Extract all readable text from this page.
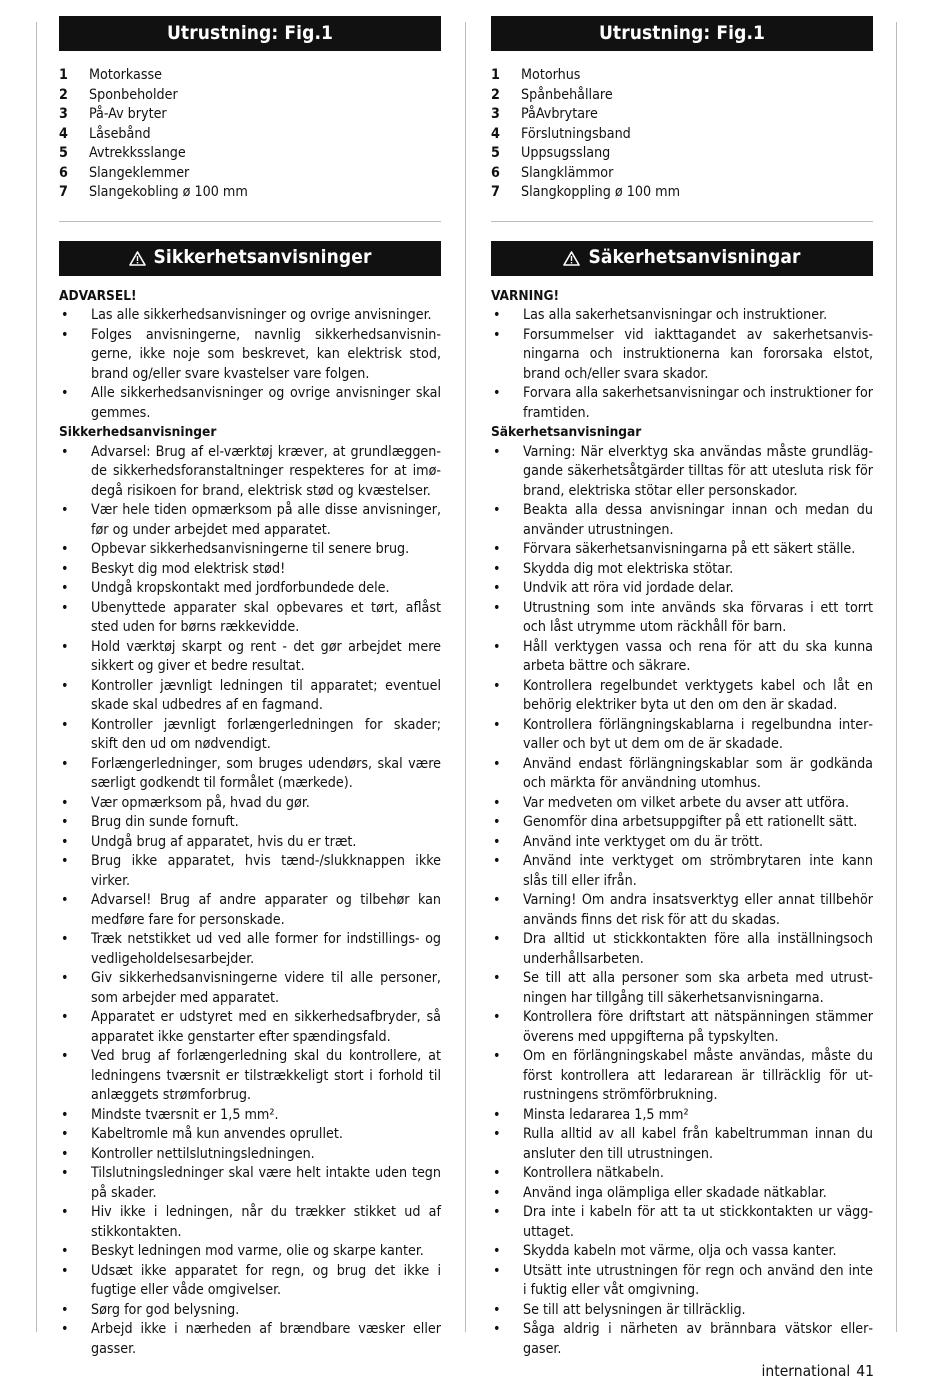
Utrustning: Fig.1
1	Motorkasse
2	Sponbeholder
3	På-Av bryter
4	Låsebånd
5	Avtrekksslange
6	Slangeklemmer
7	Slangekobling ø 100 mm
Sikkerhetsanvisninger
ADVARSEL!
• Las alle sikkerhedsanvisninger og ovrige anvisninger.
• Folges anvisningerne, navnlig sikkerhedsanvisningerne, ikke noje som beskrevet, kan elektrisk stod, brand og/eller svare kvastelser vare folgen.
• Alle sikkerhedsanvisninger og ovrige anvisninger skal gemmes.
Sikkerhedsanvisninger
• Advarsel: Brug af el-værktøj kræver, at grundlæggende sikkerhedsforanstaltninger respekteres for at imødegå risikoen for brand, elektrisk stød og kvæstelser.
• Vær hele tiden opmærksom på alle disse anvisninger, før og under arbejdet med apparatet.
• Opbevar sikkerhedsanvisningerne til senere brug.
• Beskyt dig mod elektrisk stød!
• Undgå kropskontakt med jordforbundede dele.
• Ubenyttede apparater skal opbevares et tørt, aflåst sted uden for børns rækkevidde.
• Hold værktøj skarpt og rent - det gør arbejdet mere sikkert og giver et bedre resultat.
• Kontroller jævnligt ledningen til apparatet; eventuel skade skal udbedres af en fagmand.
• Kontroller jævnligt forlængerledningen for skader; skift den ud om nødvendigt.
• Forlængerledninger, som bruges udendørs, skal være særligt godkendt til formålet (mærkede).
• Vær opmærksom på, hvad du gør.
• Brug din sunde fornuft.
• Undgå brug af apparatet, hvis du er træt.
• Brug ikke apparatet, hvis tænd-/slukknappen ikke virker.
• Advarsel! Brug af andre apparater og tilbehør kan medføre fare for personskade.
• Træk netstikket ud ved alle former for indstillings- og vedligeholdelsesarbejder.
• Giv sikkerhedsanvisningerne videre til alle personer, som arbejder med apparatet.
• Apparatet er udstyret med en sikkerhedsafbryder, så apparatet ikke genstarter efter spændingsfald.
• Ved brug af forlængerledning skal du kontrollere, at ledningens tværsnit er tilstrækkeligt stort i forhold til anlæggets strømforbrug.
• Mindste tværsnit er 1,5 mm².
• Kabeltromle må kun anvendes oprullet.
• Kontroller nettilslutningsledningen.
• Tilslutningsledninger skal være helt intakte uden tegn på skader.
• Hiv ikke i ledningen, når du trækker stikket ud af stikkontakten.
• Beskyt ledningen mod varme, olie og skarpe kanter.
• Udsæt ikke apparatet for regn, og brug det ikke i fugtige eller våde omgivelser.
• Sørg for god belysning.
• Arbejd ikke i nærheden af brændbare væsker eller gasser.
Utrustning: Fig.1
1	Motorhus
2	Spånbehållare
3	PåAvbrytare
4	Förslutningsband
5	Uppsugsslang
6	Slangklämmor
7	Slangkoppling ø 100 mm
Säkerhetsanvisningar
VARNING!
• Las alla sakerhetsanvisningar och instruktioner.
• Forsummelser vid iakttagandet av sakerhetsanvisningarna och instruktionerna kan fororsaka elstot, brand och/eller svara skador.
• Forvara alla sakerhetsanvisningar och instruktioner for framtiden.
Säkerhetsanvisningar
• Varning: När elverktyg ska användas måste grundläggande säkerhetsåtgärder tilltas för att utesluta risk för brand, elektriska stötar eller personskador.
• Beakta alla dessa anvisningar innan och medan du använder utrustningen.
• Förvara säkerhetsanvisningarna på ett säkert ställe.
• Skydda dig mot elektriska stötar.
• Undvik att röra vid jordade delar.
• Utrustning som inte används ska förvaras i ett torrt och låst utrymme utom räckhåll för barn.
• Håll verktygen vassa och rena för att du ska kunna arbeta bättre och säkrare.
• Kontrollera regelbundet verktygets kabel och låt en behörig elektriker byta ut den om den är skadad.
• Kontrollera förlängningskablarna i regelbundna intervaller och byt ut dem om de är skadade.
• Använd endast förlängningskablar som är godkända och märkta för användning utomhus.
• Var medveten om vilket arbete du avser att utföra.
• Genomför dina arbetsuppgifter på ett rationellt sätt.
• Använd inte verktyget om du är trött.
• Använd inte verktyget om strömbrytaren inte kann slås till eller ifrån.
• Varning! Om andra insatsverktyg eller annat tillbehör används finns det risk för att du skadas.
• Dra alltid ut stickkontakten före alla inställningsoch underhållsarbeten.
• Se till att alla personer som ska arbeta med utrustningen har tillgång till säkerhetsanvisningarna.
• Kontrollera före driftstart att nätspänningen stämmer överens med uppgifterna på typskylten.
• Om en förlängningskabel måste användas, måste du först kontrollera att ledararean är tillräcklig för utrustningens strömförbrukning.
• Minsta ledararea 1,5 mm²
• Rulla alltid av all kabel från kabeltrumman innan du ansluter den till utrustningen.
• Kontrollera nätkabeln.
• Använd inga olämpliga eller skadade nätkablar.
• Dra inte i kabeln för att ta ut stickkontakten ur vägguttaget.
• Skydda kabeln mot värme, olja och vassa kanter.
• Utsätt inte utrustningen för regn och använd den inte i fuktig eller våt omgivning.
• Se till att belysningen är tillräcklig.
• Såga aldrig i närheten av brännbara vätskor ellergaser.
international 41
